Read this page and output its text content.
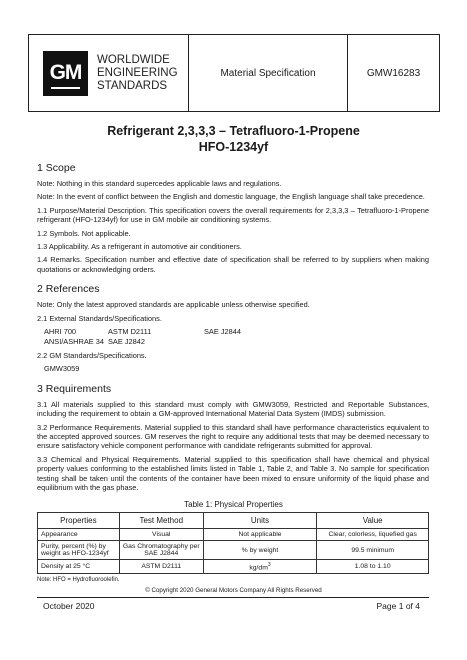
GM
WORLDWIDE
ENGINEERING
STANDARDS
Material Specification	GMW16283
Refrigerant 2,3,3,3 – Tetrafluoro-1-Propene
HFO-1234yf
1 Scope

Note: Nothing in this standard supercedes applicable laws and regulations.

Note: In the event of conflict between the English and domestic language, the English language shall take precedence.

1.1 Purpose/Material Description. This specification covers the overall requirements for 2,3,3,3 – Tetrafluoro-1-Propene refrigerant (HFO-1234yf) for use in GM mobile air conditioning systems.

1.2 Symbols. Not applicable.

1.3 Applicability. As a refrigerant in automotive air conditioners.

1.4 Remarks. Specification number and effective date of specification shall be referred to by suppliers when making quotations or acknowledging orders.

2 References

Note: Only the latest approved standards are applicable unless otherwise specified.

2.1 External Standards/Specifications.

AHRI 700	ASTM D2111	SAE J2844
ANSI/ASHRAE 34 SAE J2842

2.2 GM Standards/Specifications.

GMW3059
3 Requirements

3.1 All materials supplied to this standard must comply with GMW3059, Restricted and Reportable Substances, including the requirement to obtain a GM-approved International Material Data System (IMDS) submission.

3.2 Performance Requirements. Material supplied to this standard shall have performance characteristics equivalent to the accepted approved sources. GM reserves the right to require any additional tests that may be deemed necessary to ensure satisfactory vehicle component performance with candidate refrigerants submitted for approval.

3.3 Chemical and Physical Requirements. Material supplied to this specification shall have chemical and physical property values conforming to the established limits listed in Table 1, Table 2, and Table 3. No sample for specification testing shall be taken until the contents of the container have been mixed to ensure uniformity of the liquid phase and equilibrium with the gas phase.

Table 1: Physical Properties
Properties	Test Method	Units	Value
Appearance	Visual	Not applicable	Clear, colorless, liquefied gas
Purity, percent (%) by weight as HFO-1234yf	Gas Chromatography per SAE J2844	% by weight	99.5 minimum
Density at 25 °C	ASTM D2111	$kg/dm^3$	1.08 to 1.10
Note: HFO = Hydrofluoroolefin.
© Copyright 2020 General Motors Company All Rights Reserved
October 2020	Page 1 of 4
